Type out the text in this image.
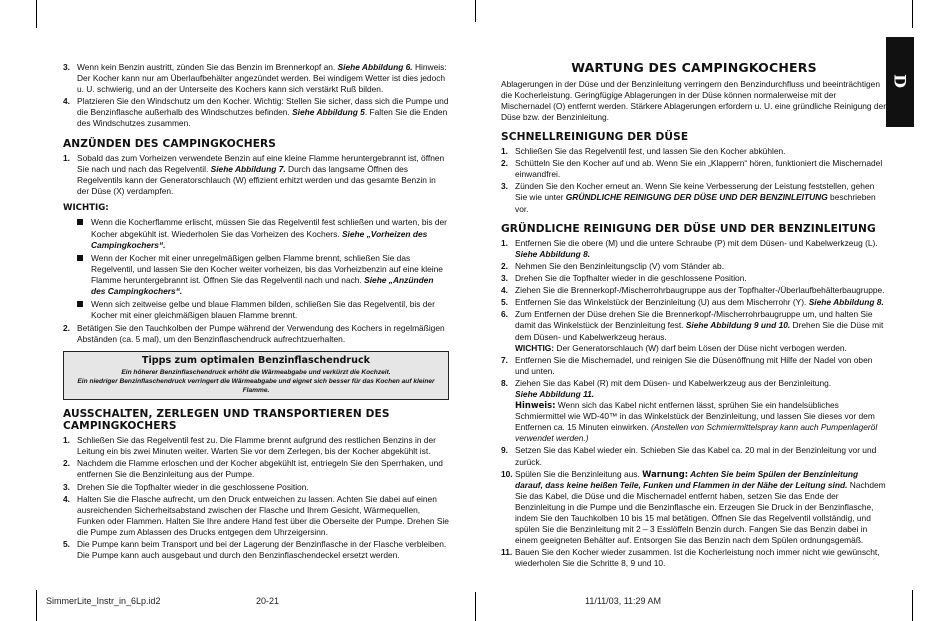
D
3. Wenn kein Benzin austritt, zünden Sie das Benzin im Brennerkopf an. Siehe Abbildung 6. Hinweis: Der Kocher kann nur am Überlaufbehälter angezündet werden. Bei windigem Wetter ist dies jedoch u. U. schwierig, und an der Unterseite des Kochers kann sich verstärkt Ruß bilden.
4. Platzieren Sie den Windschutz um den Kocher. Wichtig: Stellen Sie sicher, dass sich die Pumpe und die Benzinflasche außerhalb des Windschutzes befinden. Siehe Abbildung 5. Falten Sie die Enden des Windschutzes zusammen.
ANZÜNDEN DES CAMPINGKOCHERS
1. Sobald das zum Vorheizen verwendete Benzin auf eine kleine Flamme heruntergebrannt ist, öffnen Sie nach und nach das Regelventil. Siehe Abbildung 7. Durch das langsame Öffnen des Regelventils kann der Generatorschlauch (W) effizient erhitzt werden und das gesamte Benzin in der Düse (X) verdampfen.
WICHTIG:
Wenn die Kocherflamme erlischt, müssen Sie das Regelventil fest schließen und warten, bis der Kocher abgekühlt ist. Wiederholen Sie das Vorheizen des Kochers. Siehe „Vorheizen des Campingkochers“.
Wenn der Kocher mit einer unregelmäßigen gelben Flamme brennt, schließen Sie das Regelventil, und lassen Sie den Kocher weiter vorheizen, bis das Vorheizbenzin auf eine kleine Flamme heruntergebrannt ist. Öffnen Sie das Regelventil nach und nach. Siehe „Anzünden des Campingkochers“.
Wenn sich zeitweise gelbe und blaue Flammen bilden, schließen Sie das Regelventil, bis der Kocher mit einer gleichmäßigen blauen Flamme brennt.
2. Betätigen Sie den Tauchkolben der Pumpe während der Verwendung des Kochers in regelmäßigen Abständen (ca. 5 mal), um den Benzinflaschendruck aufrechtzuerhalten.
Tipps zum optimalen Benzinflaschendruck
Ein höherer Benzinflaschendruck erhöht die Wärmeabgabe und verkürzt die Kochzeit.
Ein niedriger Benzinflaschendruck verringert die Wärmeabgabe und eignet sich besser für das Kochen auf kleiner Flamme.
AUSSCHALTEN, ZERLEGEN UND TRANSPORTIEREN DES CAMPINGKOCHERS
1. Schließen Sie das Regelventil fest zu. Die Flamme brennt aufgrund des restlichen Benzins in der Leitung ein bis zwei Minuten weiter. Warten Sie vor dem Zerlegen, bis der Kocher abgekühlt ist.
2. Nachdem die Flamme erloschen und der Kocher abgekühlt ist, entriegeln Sie den Sperrhaken, und entfernen Sie die Benzinleitung aus der Pumpe.
3. Drehen Sie die Topfhalter wieder in die geschlossene Position.
4. Halten Sie die Flasche aufrecht, um den Druck entweichen zu lassen. Achten Sie dabei auf einen ausreichenden Sicherheitsabstand zwischen der Flasche und Ihrem Gesicht, Wärmequellen, Funken oder Flammen. Halten Sie Ihre andere Hand fest über die Oberseite der Pumpe. Drehen Sie die Pumpe zum Ablassen des Drucks entgegen dem Uhrzeigersinn.
5. Die Pumpe kann beim Transport und bei der Lagerung der Benzinflasche in der Flasche verbleiben. Die Pumpe kann auch ausgebaut und durch den Benzinflaschendeckel ersetzt werden.
WARTUNG DES CAMPINGKOCHERS

Ablagerungen in der Düse und der Benzinleitung verringern den Benzindurchfluss und beeinträchtigen die Kocherleistung. Geringfügige Ablagerungen in der Düse können normalerweise mit der Mischernadel (O) entfernt werden. Stärkere Ablagerungen erfordern u. U. eine gründliche Reinigung der Düse bzw. der Benzinleitung.

SCHNELLREINIGUNG DER DÜSE
1. Schließen Sie das Regelventil fest, und lassen Sie den Kocher abkühlen.
2. Schütteln Sie den Kocher auf und ab. Wenn Sie ein „Klappern“ hören, funktioniert die Mischernadel einwandfrei.
3. Zünden Sie den Kocher erneut an. Wenn Sie keine Verbesserung der Leistung feststellen, gehen Sie wie unter GRÜNDLICHE REINIGUNG DER DÜSE UND DER BENZINLEITUNG beschrieben vor.
GRÜNDLICHE REINIGUNG DER DÜSE UND DER BENZINLEITUNG
1. Entfernen Sie die obere (M) und die untere Schraube (P) mit dem Düsen- und Kabelwerkzeug (L).
Siehe Abbildung 8.
2. Nehmen Sie den Benzinleitungsclip (V) vom Ständer ab.
3. Drehen Sie die Topfhalter wieder in die geschlossene Position.
4. Ziehen Sie die Brennerkopf-/Mischerrohrbaugruppe aus der Topfhalter-/Überlaufbehälterbaugruppe.
5. Entfernen Sie das Winkelstück der Benzinleitung (U) aus dem Mischerrohr (Y). Siehe Abbildung 8.
6. Zum Entfernen der Düse drehen Sie die Brennerkopf-/Mischerrohrbaugruppe um, und halten Sie damit das Winkelstück der Benzinleitung fest. Siehe Abbildung 9 und 10. Drehen Sie die Düse mit dem Düsen- und Kabelwerkzeug heraus.
WICHTIG: Der Generatorschlauch (W) darf beim Lösen der Düse nicht verbogen werden.
7. Entfernen Sie die Mischernadel, und reinigen Sie die Düsenöffnung mit Hilfe der Nadel von oben und unten.
8. Ziehen Sie das Kabel (R) mit dem Düsen- und Kabelwerkzeug aus der Benzinleitung.
Siehe Abbildung 11.
Hinweis: Wenn sich das Kabel nicht entfernen lässt, sprühen Sie ein handelsübliches Schmiermittel wie WD-40™ in das Winkelstück der Benzinleitung, und lassen Sie dieses vor dem Entfernen ca. 15 Minuten einwirken. (Anstellen von Schmiermittelspray kann auch Pumpenlageröl verwendet werden.)
9. Setzen Sie das Kabel wieder ein. Schieben Sie das Kabel ca. 20 mal in der Benzinleitung vor und zurück.
10. Spülen Sie die Benzinleitung aus. Warnung: Achten Sie beim Spülen der Benzinleitung darauf, dass keine heißen Teile, Funken und Flammen in der Nähe der Leitung sind. Nachdem Sie das Kabel, die Düse und die Mischernadel entfernt haben, setzen Sie das Ende der Benzinleitung in die Pumpe und die Benzinflasche ein. Erzeugen Sie Druck in der Benzinflasche, indem Sie den Tauchkolben 10 bis 15 mal betätigen. Öffnen Sie das Regelventil vollständig, und spülen Sie die Benzinleitung mit 2 – 3 Esslöffeln Benzin durch. Fangen Sie das Benzin dabei in einem geeigneten Behälter auf. Entsorgen Sie das Benzin nach dem Spülen ordnungsgemäß.
11. Bauen Sie den Kocher wieder zusammen. Ist die Kocherleistung noch immer nicht wie gewünscht, wiederholen Sie die Schritte 8, 9 und 10.
SimmerLite_Instr_in_6Lp.id2	20-21	11/11/03, 11:29 AM
